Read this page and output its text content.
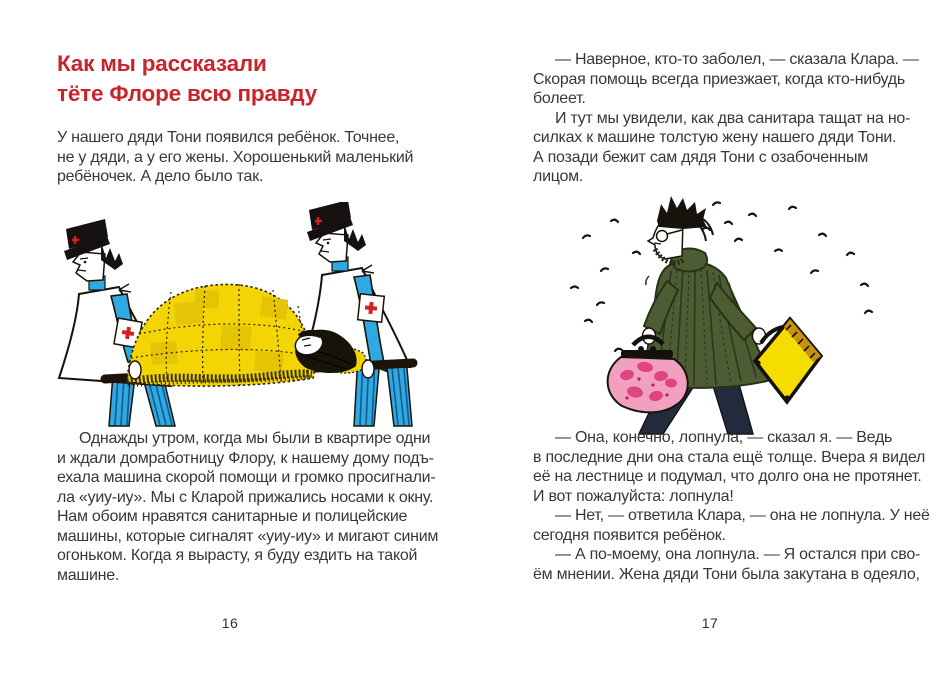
Как мы рассказали
тёте Флоре всю правду
У нашего дяди Тони появился ребёнок. Точнее,
не у дяди, а у его жены. Хорошенький маленький
ребёночек. А дело было так.
Однажды утром, когда мы были в квартире одни
и ждали домработницу Флору, к нашему дому подъ-
ехала машина скорой помощи и громко просигнали-
ла «уиу-иу». Мы с Кларой прижались носами к окну.
Нам обоим нравятся санитарные и полицейские
машины, которые сигналят «уиу-иу» и мигают синим
огоньком. Когда я вырасту, я буду ездить на такой
машине.
16
— Наверное, кто-то заболел, — сказала Клара. —
Скорая помощь всегда приезжает, когда кто-нибудь
болеет.
И тут мы увидели, как два санитара тащат на но-
силках к машине толстую жену нашего дяди Тони.
А позади бежит сам дядя Тони с озабоченным
лицом.
— Она, конечно, лопнула, — сказал я. — Ведь
в последние дни она стала ещё толще. Вчера я видел
её на лестнице и подумал, что долго она не протянет.
И вот пожалуйста: лопнула!
— Нет, — ответила Клара, — она не лопнула. У неё
сегодня появится ребёнок.
— А по-моему, она лопнула. — Я остался при сво-
ём мнении. Жена дяди Тони была закутана в одеяло,
17
